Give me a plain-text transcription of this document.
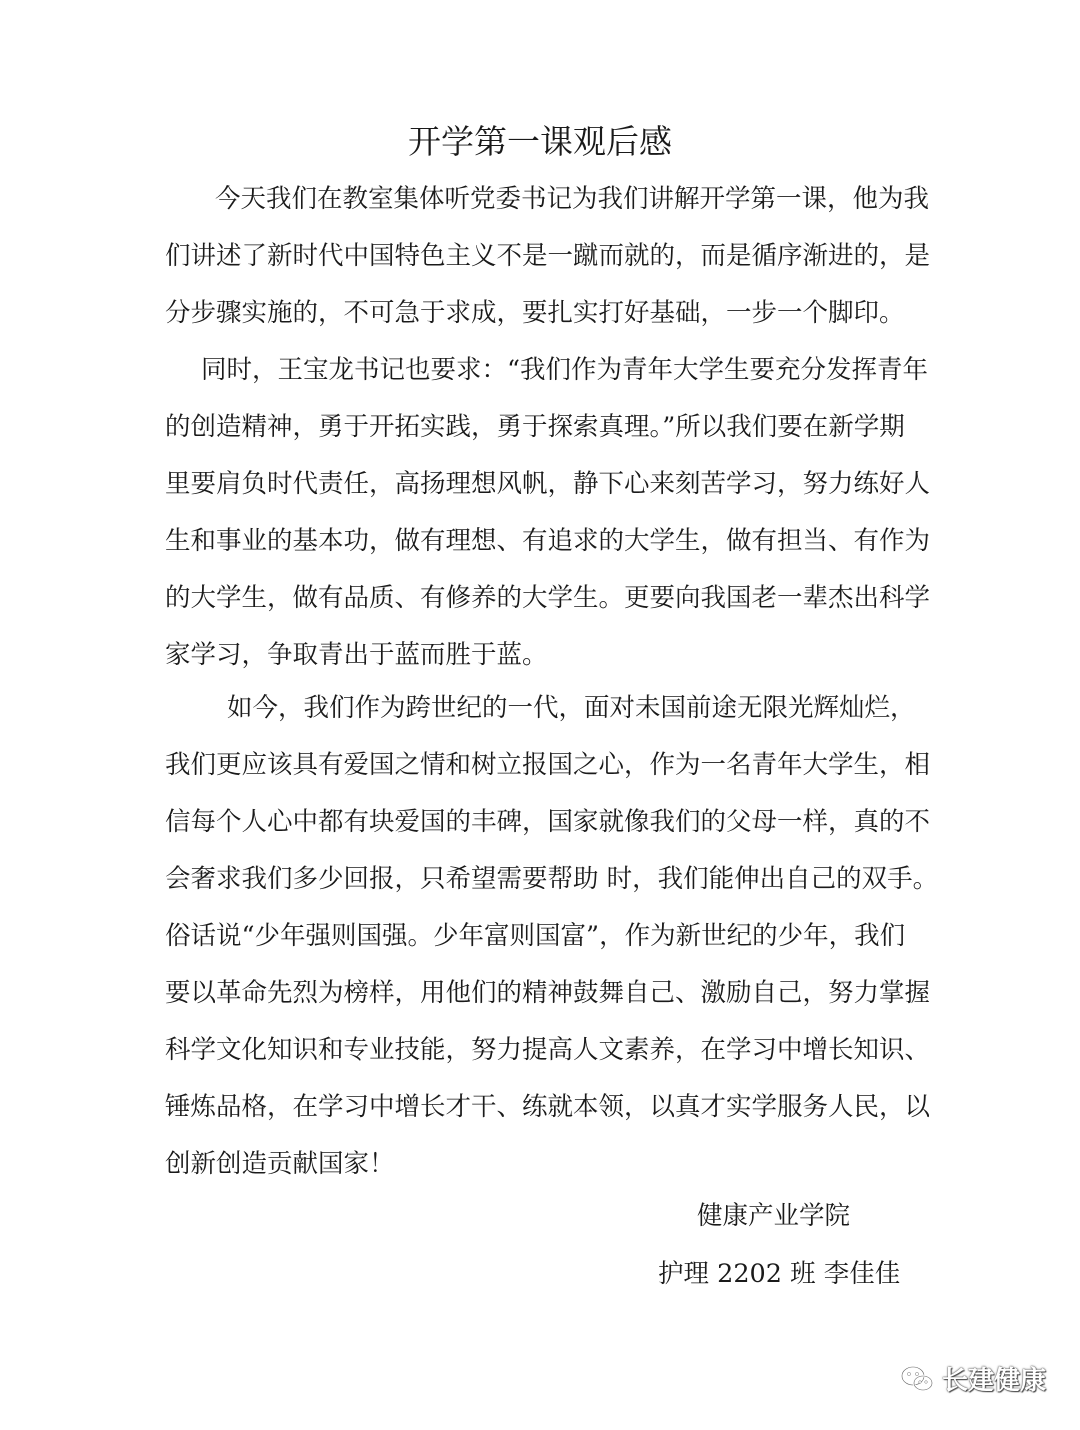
开学第一课观后感

今天我们在教室集体听党委书记为我们讲解开学第一课，他为我
们讲述了新时代中国特色主义不是一蹴而就的，而是循序渐进的，是
分步骤实施的，不可急于求成，要扎实打好基础，一步一个脚印。

同时，王宝龙书记也要求：“我们作为青年大学生要充分发挥青年
的创造精神，勇于开拓实践，勇于探索真理。”所以我们要在新学期
里要肩负时代责任，高扬理想风帆，静下心来刻苦学习，努力练好人
生和事业的基本功，做有理想、有追求的大学生，做有担当、有作为
的大学生，做有品质、有修养的大学生。更要向我国老一辈杰出科学
家学习，争取青出于蓝而胜于蓝。

如今，我们作为跨世纪的一代，面对未国前途无限光辉灿烂，
我们更应该具有爱国之情和树立报国之心，作为一名青年大学生，相
信每个人心中都有块爱国的丰碑，国家就像我们的父母一样，真的不
会奢求我们多少回报，只希望需要帮助 时，我们能伸出自己的双手。
俗话说“少年强则国强。少年富则国富”，作为新世纪的少年，我们
要以革命先烈为榜样，用他们的精神鼓舞自己、激励自己，努力掌握
科学文化知识和专业技能，努力提高人文素养，在学习中增长知识、
锤炼品格，在学习中增长才干、练就本领，以真才实学服务人民，以
创新创造贡献国家！

健康产业学院
护理 2202 班 李佳佳
长建健康
